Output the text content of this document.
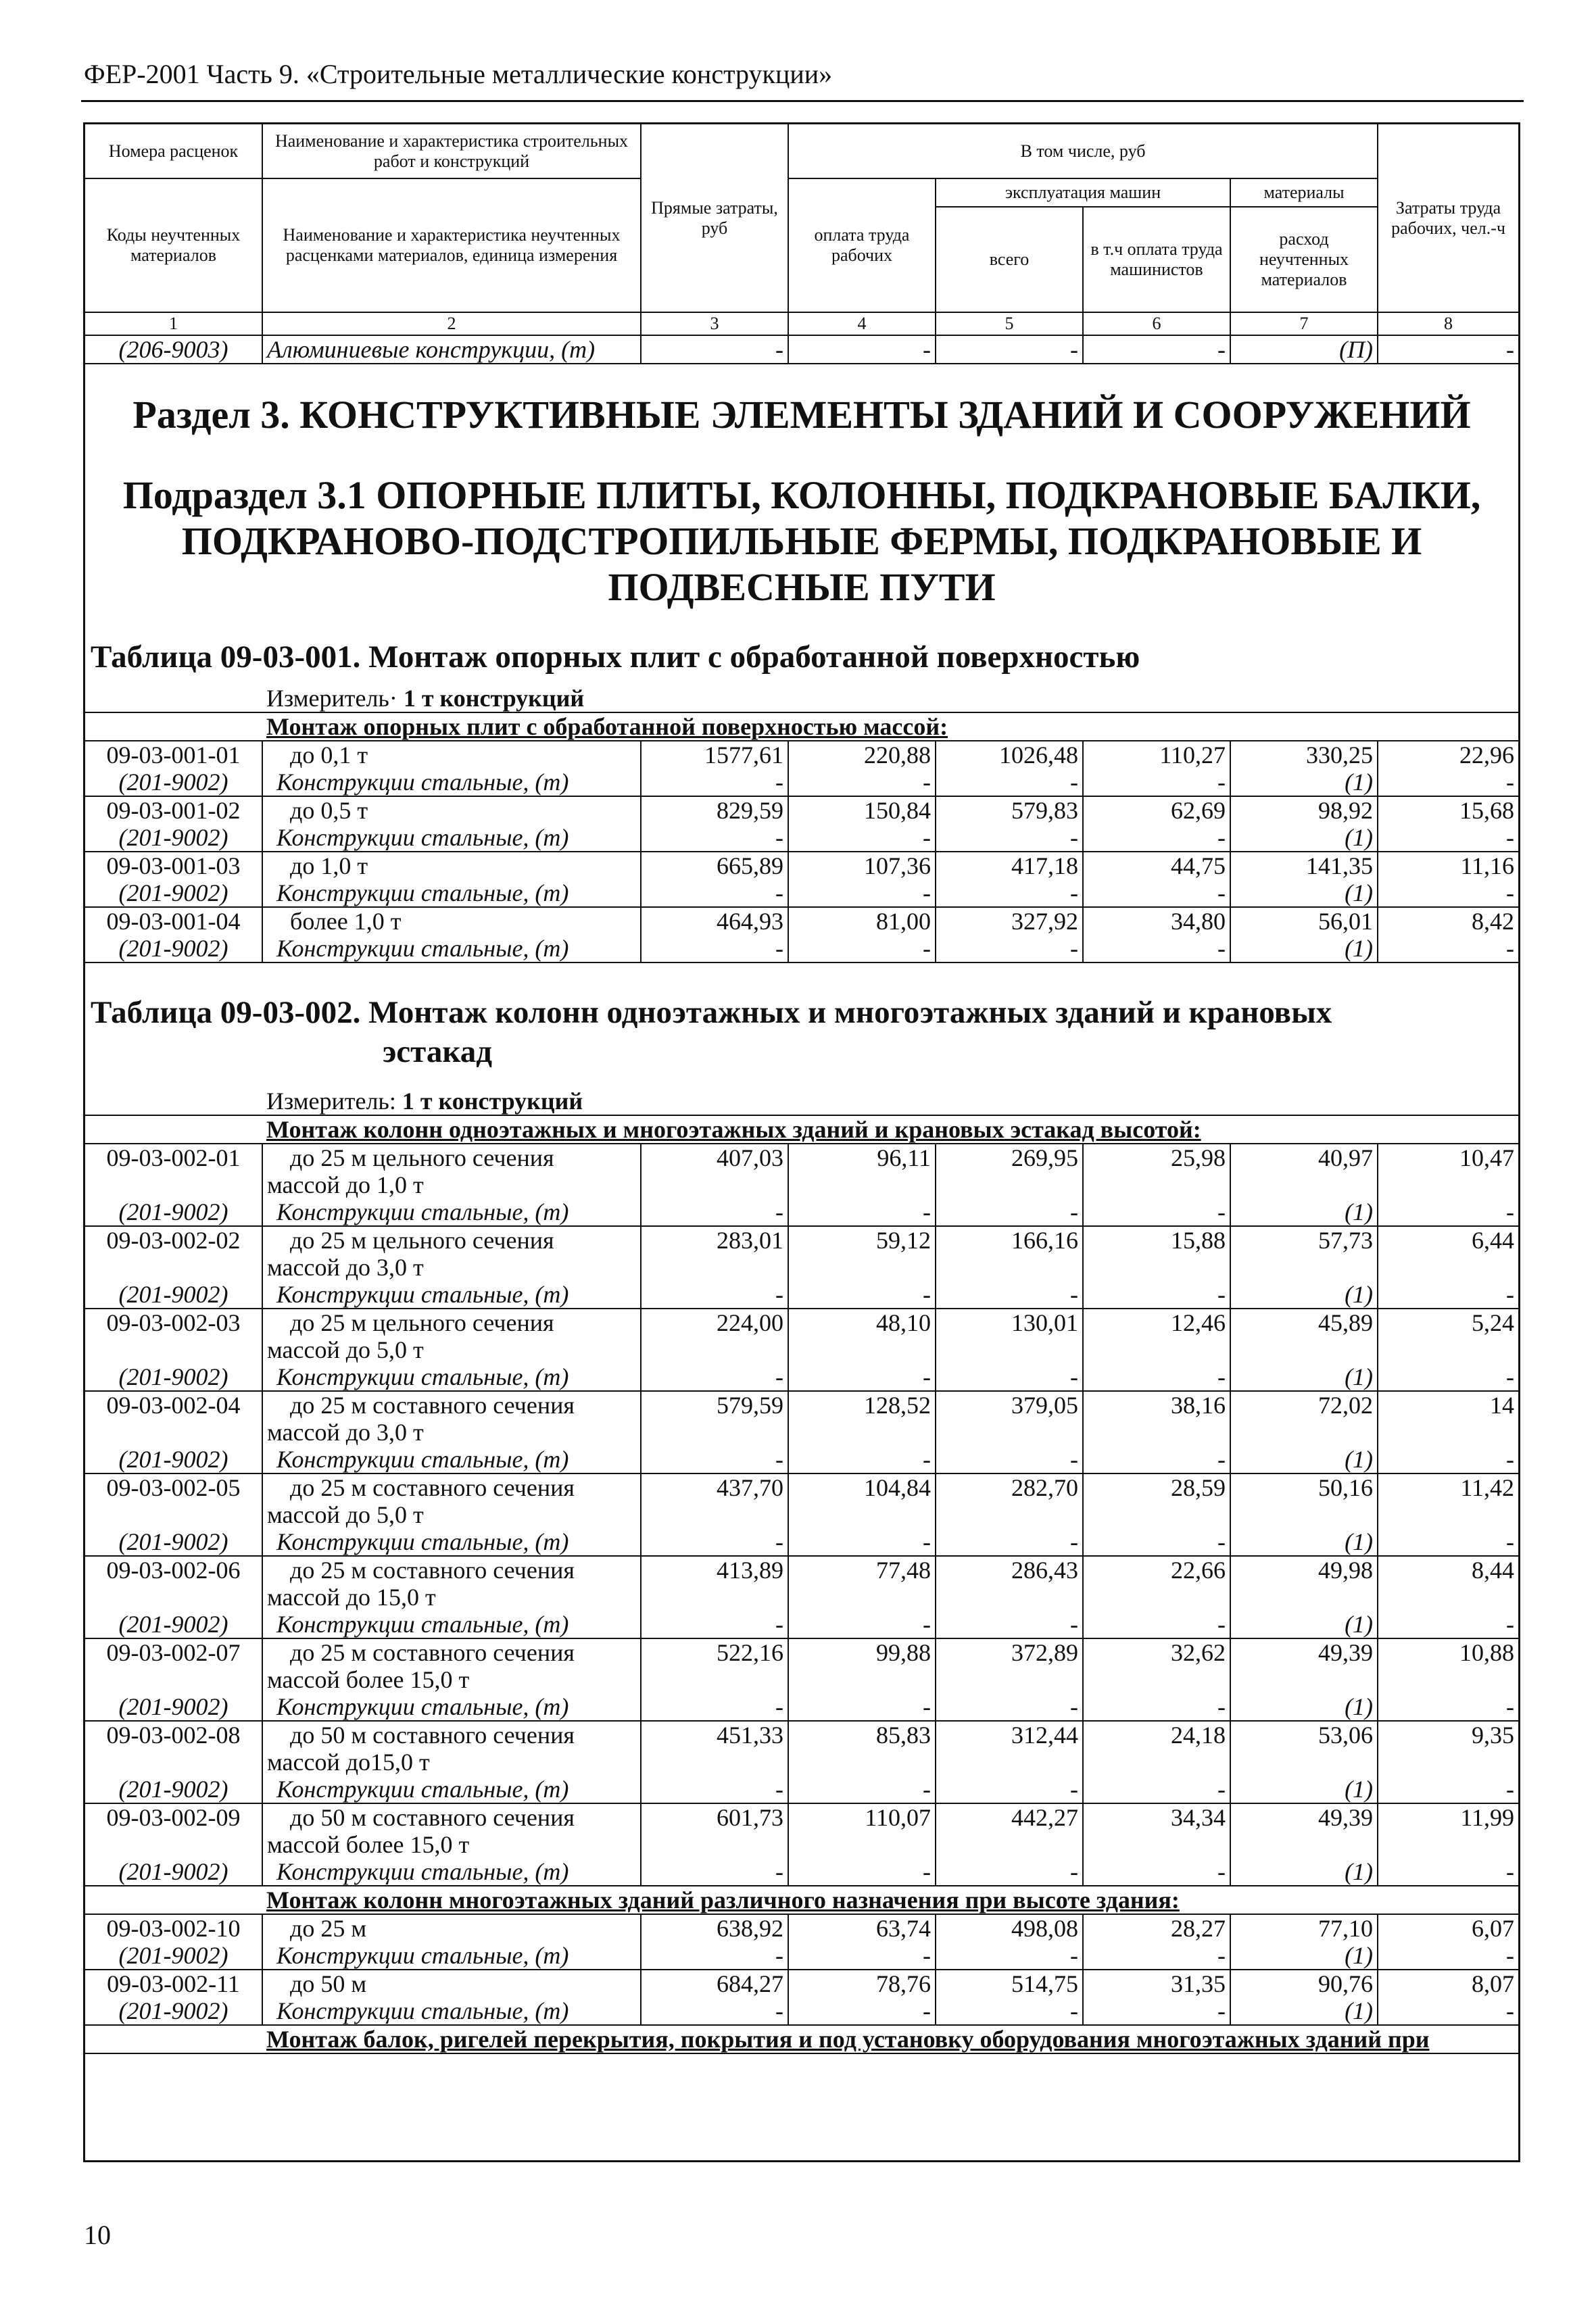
ФЕР-2001 Часть 9. «Строительные металлические конструкции»
Номера расценок	Наименование и характеристика строительных работ и конструкций	Прямые затраты, руб	В том числе, руб				Затраты труда рабочих, чел.-ч
Коды неучтенных материалов	Наименование и характеристика неучтенных расценками материалов, единица измерения		оплата труда рабочих	эксплуатация машин		материалы	
				всего	в т.ч оплата труда машинистов	расход неучтенных материалов	
1	2	3	4	5	6	7	8
(206-9003)	Алюминиевые конструкции, (т)	-	-	-	-	(П)	-

Раздел 3. КОНСТРУКТИВНЫЕ ЭЛЕМЕНТЫ ЗДАНИЙ И СООРУЖЕНИЙ							

Подраздел 3.1 ОПОРНЫЕ ПЛИТЫ, КОЛОННЫ, ПОДКРАНОВЫЕ БАЛКИ,							
ПОДКРАНОВО-ПОДСТРОПИЛЬНЫЕ ФЕРМЫ, ПОДКРАНОВЫЕ И							
ПОДВЕСНЫЕ ПУТИ							

Таблица 09-03-001. Монтаж опорных плит с обработанной поверхностью							

Измеритель· 1 т конструкций							
Монтаж опорных плит с обработанной поверхностью массой:							
09-03-001-01	до 0,1 т	1577,61	220,88	1026,48	110,27	330,25	22,96
(201-9002)	Конструкции стальные, (т)	-	-	-	-	(1)	-
09-03-001-02	до 0,5 т	829,59	150,84	579,83	62,69	98,92	15,68
(201-9002)	Конструкции стальные, (т)	-	-	-	-	(1)	-
09-03-001-03	до 1,0 т	665,89	107,36	417,18	44,75	141,35	11,16
(201-9002)	Конструкции стальные, (т)	-	-	-	-	(1)	-
09-03-001-04	более 1,0 т	464,93	81,00	327,92	34,80	56,01	8,42
(201-9002)	Конструкции стальные, (т)	-	-	-	-	(1)	-

Таблица 09-03-002. Монтаж колонн одноэтажных и многоэтажных зданий и крановых							
эстакад							

Измеритель: 1 т конструкций							
Монтаж колонн одноэтажных и многоэтажных зданий и крановых эстакад высотой:							
09-03-002-01	до 25 м цельного сечения	407,03	96,11	269,95	25,98	40,97	10,47
	массой до 1,0 т						
(201-9002)	Конструкции стальные, (т)	-	-	-	-	(1)	-
09-03-002-02	до 25 м цельного сечения	283,01	59,12	166,16	15,88	57,73	6,44
	массой до 3,0 т						
(201-9002)	Конструкции стальные, (т)	-	-	-	-	(1)	-
09-03-002-03	до 25 м цельного сечения	224,00	48,10	130,01	12,46	45,89	5,24
	массой до 5,0 т						
(201-9002)	Конструкции стальные, (т)	-	-	-	-	(1)	-
09-03-002-04	до 25 м составного сечения	579,59	128,52	379,05	38,16	72,02	14
	массой до 3,0 т						
(201-9002)	Конструкции стальные, (т)	-	-	-	-	(1)	-
09-03-002-05	до 25 м составного сечения	437,70	104,84	282,70	28,59	50,16	11,42
	массой до 5,0 т						
(201-9002)	Конструкции стальные, (т)	-	-	-	-	(1)	-
09-03-002-06	до 25 м составного сечения	413,89	77,48	286,43	22,66	49,98	8,44
	массой до 15,0 т						
(201-9002)	Конструкции стальные, (т)	-	-	-	-	(1)	-
09-03-002-07	до 25 м составного сечения	522,16	99,88	372,89	32,62	49,39	10,88
	массой более 15,0 т						
(201-9002)	Конструкции стальные, (т)	-	-	-	-	(1)	-
09-03-002-08	до 50 м составного сечения	451,33	85,83	312,44	24,18	53,06	9,35
	массой до15,0 т						
(201-9002)	Конструкции стальные, (т)	-	-	-	-	(1)	-
09-03-002-09	до 50 м составного сечения	601,73	110,07	442,27	34,34	49,39	11,99
	массой более 15,0 т						
(201-9002)	Конструкции стальные, (т)	-	-	-	-	(1)	-
Монтаж колонн многоэтажных зданий различного назначения при высоте здания:							
09-03-002-10	до 25 м	638,92	63,74	498,08	28,27	77,10	6,07
(201-9002)	Конструкции стальные, (т)	-	-	-	-	(1)	-
09-03-002-11	до 50 м	684,27	78,76	514,75	31,35	90,76	8,07
(201-9002)	Конструкции стальные, (т)	-	-	-	-	(1)	-
Монтаж балок, ригелей перекрытия, покрытия и под установку оборудования многоэтажных зданий при							
10
